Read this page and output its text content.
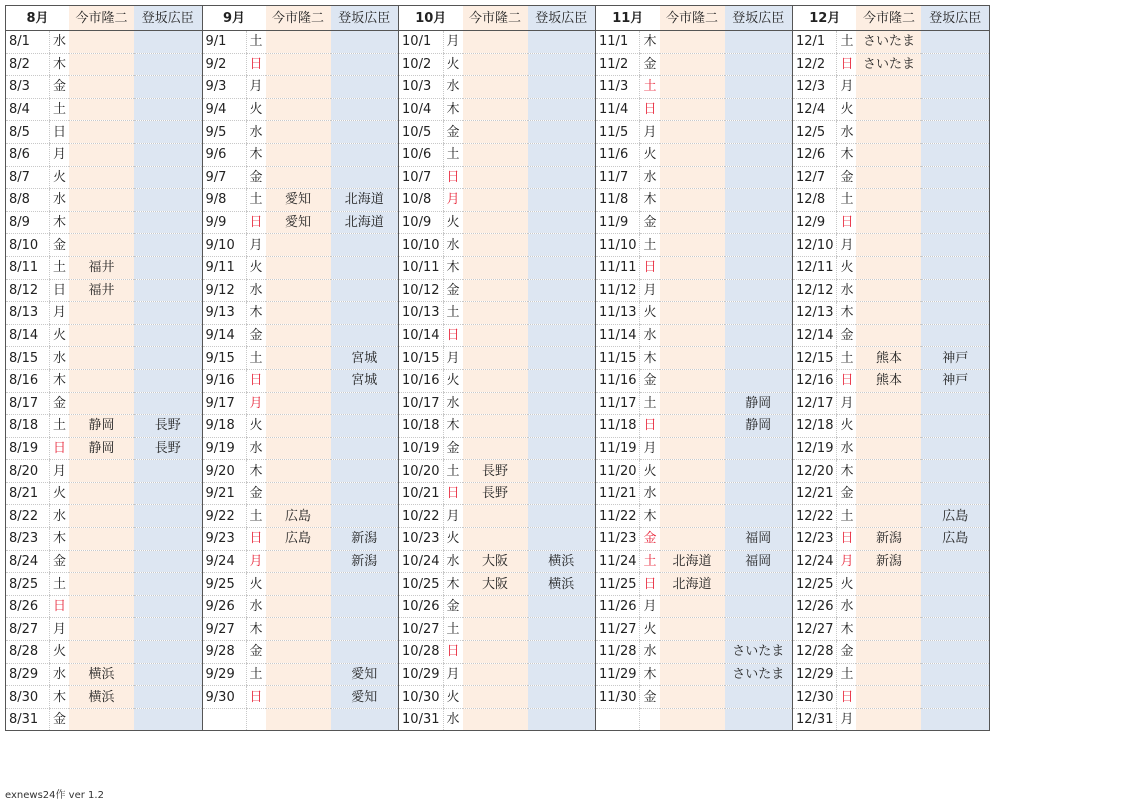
8月		今市隆二	登坂広臣	9月		今市隆二	登坂広臣	10月		今市隆二	登坂広臣	11月		今市隆二	登坂広臣	12月		今市隆二	登坂広臣
8/1	水			9/1	土			10/1	月			11/1	木			12/1	土	さいたま	
8/2	木			9/2	日			10/2	火			11/2	金			12/2	日	さいたま	
8/3	金			9/3	月			10/3	水			11/3	土			12/3	月		
8/4	土			9/4	火			10/4	木			11/4	日			12/4	火		
8/5	日			9/5	水			10/5	金			11/5	月			12/5	水		
8/6	月			9/6	木			10/6	土			11/6	火			12/6	木		
8/7	火			9/7	金			10/7	日			11/7	水			12/7	金		
8/8	水			9/8	土	愛知	北海道	10/8	月			11/8	木			12/8	土		
8/9	木			9/9	日	愛知	北海道	10/9	火			11/9	金			12/9	日		
8/10	金			9/10	月			10/10	水			11/10	土			12/10	月		
8/11	土	福井		9/11	火			10/11	木			11/11	日			12/11	火		
8/12	日	福井		9/12	水			10/12	金			11/12	月			12/12	水		
8/13	月			9/13	木			10/13	土			11/13	火			12/13	木		
8/14	火			9/14	金			10/14	日			11/14	水			12/14	金		
8/15	水			9/15	土		宮城	10/15	月			11/15	木			12/15	土	熊本	神戸
8/16	木			9/16	日		宮城	10/16	火			11/16	金			12/16	日	熊本	神戸
8/17	金			9/17	月			10/17	水			11/17	土		静岡	12/17	月		
8/18	土	静岡	長野	9/18	火			10/18	木			11/18	日		静岡	12/18	火		
8/19	日	静岡	長野	9/19	水			10/19	金			11/19	月			12/19	水		
8/20	月			9/20	木			10/20	土	長野		11/20	火			12/20	木		
8/21	火			9/21	金			10/21	日	長野		11/21	水			12/21	金		
8/22	水			9/22	土	広島		10/22	月			11/22	木			12/22	土		広島
8/23	木			9/23	日	広島	新潟	10/23	火			11/23	金		福岡	12/23	日	新潟	広島
8/24	金			9/24	月		新潟	10/24	水	大阪	横浜	11/24	土	北海道	福岡	12/24	月	新潟	
8/25	土			9/25	火			10/25	木	大阪	横浜	11/25	日	北海道		12/25	火		
8/26	日			9/26	水			10/26	金			11/26	月			12/26	水		
8/27	月			9/27	木			10/27	土			11/27	火			12/27	木		
8/28	火			9/28	金			10/28	日			11/28	水		さいたま	12/28	金		
8/29	水	横浜		9/29	土		愛知	10/29	月			11/29	木		さいたま	12/29	土		
8/30	木	横浜		9/30	日		愛知	10/30	火			11/30	金			12/30	日		
8/31	金							10/31	水							12/31	月		
exnews24作 ver 1.2
